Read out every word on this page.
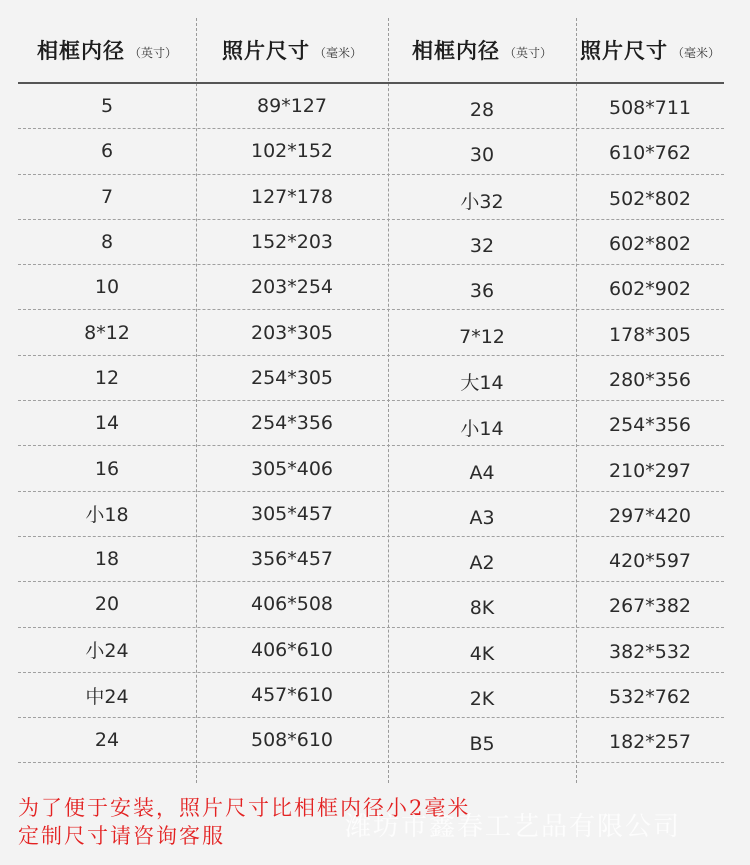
相框内径 （英寸） 照片尺寸 （毫米） 相框内径 （英寸） 照片尺寸 （毫米）
5	89*127	28	508*711
6	102*152	30	610*762
7	127*178	小32	502*802
8	152*203	32	602*802
10	203*254	36	602*902
8*12	203*305	7*12	178*305
12	254*305	大14	280*356
14	254*356	小14	254*356
16	305*406	A4	210*297
小18	305*457	A3	297*420
18	356*457	A2	420*597
20	406*508	8K	267*382
小24	406*610	4K	382*532
中24	457*610	2K	532*762
24	508*610	B5	182*257
为了便于安装，照片尺寸比相框内径小2毫米
定制尺寸请咨询客服	潍坊市鑫春工艺品有限公司
